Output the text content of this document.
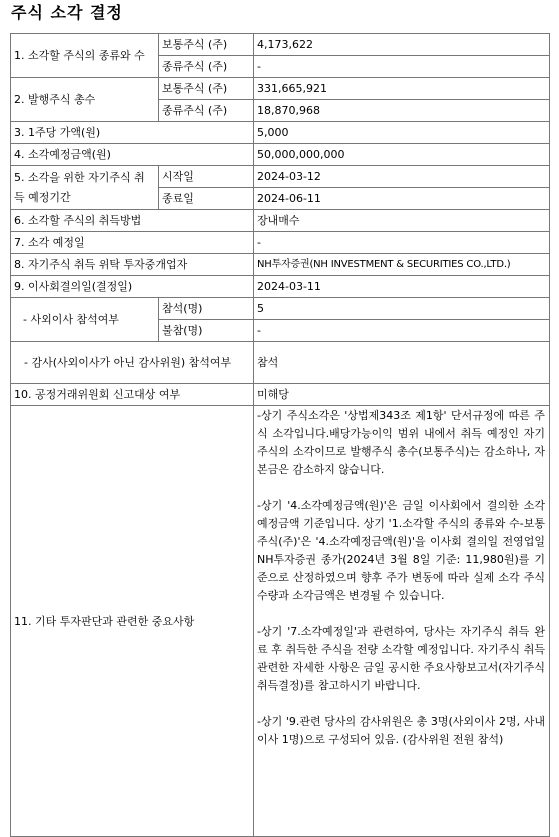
주식 소각 결정
1. 소각할 주식의 종류와 수	보통주식 (주)	4,173,622
	종류주식 (주)	-
2. 발행주식 총수	보통주식 (주)	331,665,921
	종류주식 (주)	18,870,968
3. 1주당 가액(원)		5,000
4. 소각예정금액(원)		50,000,000,000
5. 소각을 위한 자기주식 취득 예정기간	시작일	2024-03-12
	종료일	2024-06-11
6. 소각할 주식의 취득방법		장내매수
7. 소각 예정일		-
8. 자기주식 취득 위탁 투자중개업자		NH투자증권(NH INVESTMENT & SECURITIES CO.,LTD.)
9. 이사회결의일(결정일)		2024-03-11
- 사외이사 참석여부	참석(명)	5
	불참(명)	-
- 감사(사외이사가 아닌 감사위원) 참석여부		참석
10. 공정거래위원회 신고대상 여부		미해당
11. 기타 투자판단과 관련한 중요사항		-상기 주식소각은 '상법제343조 제1항' 단서규정에 따른 주식 소각입니다.배당가능이익 범위 내에서 취득 예정인 자기주식의 소각이므로 발행주식 총수(보통주식)는 감소하나, 자본금은 감소하지 않습니다.

-상기 '4.소각예정금액(원)'은 금일 이사회에서 결의한 소각 예정금액 기준입니다. 상기 '1.소각할 주식의 종류와 수-보통주식(주)'은 '4.소각예정금액(원)'을 이사회 결의일 전영업일 NH투자증권 종가(2024년 3월 8일 기준: 11,980원)를 기준으로 산정하였으며 향후 주가 변동에 따라 실제 소각 주식 수량과 소각금액은 변경될 수 있습니다.

-상기 '7.소각예정일'과 관련하여, 당사는 자기주식 취득 완료 후 취득한 주식을 전량 소각할 예정입니다. 자기주식 취득 관련한 자세한 사항은 금일 공시한 주요사항보고서(자기주식취득결정)를 참고하시기 바랍니다.

-상기 '9.관련 당사의 감사위원은 총 3명(사외이사 2명, 사내이사 1명)으로 구성되어 있음. (감사위원 전원 참석)
